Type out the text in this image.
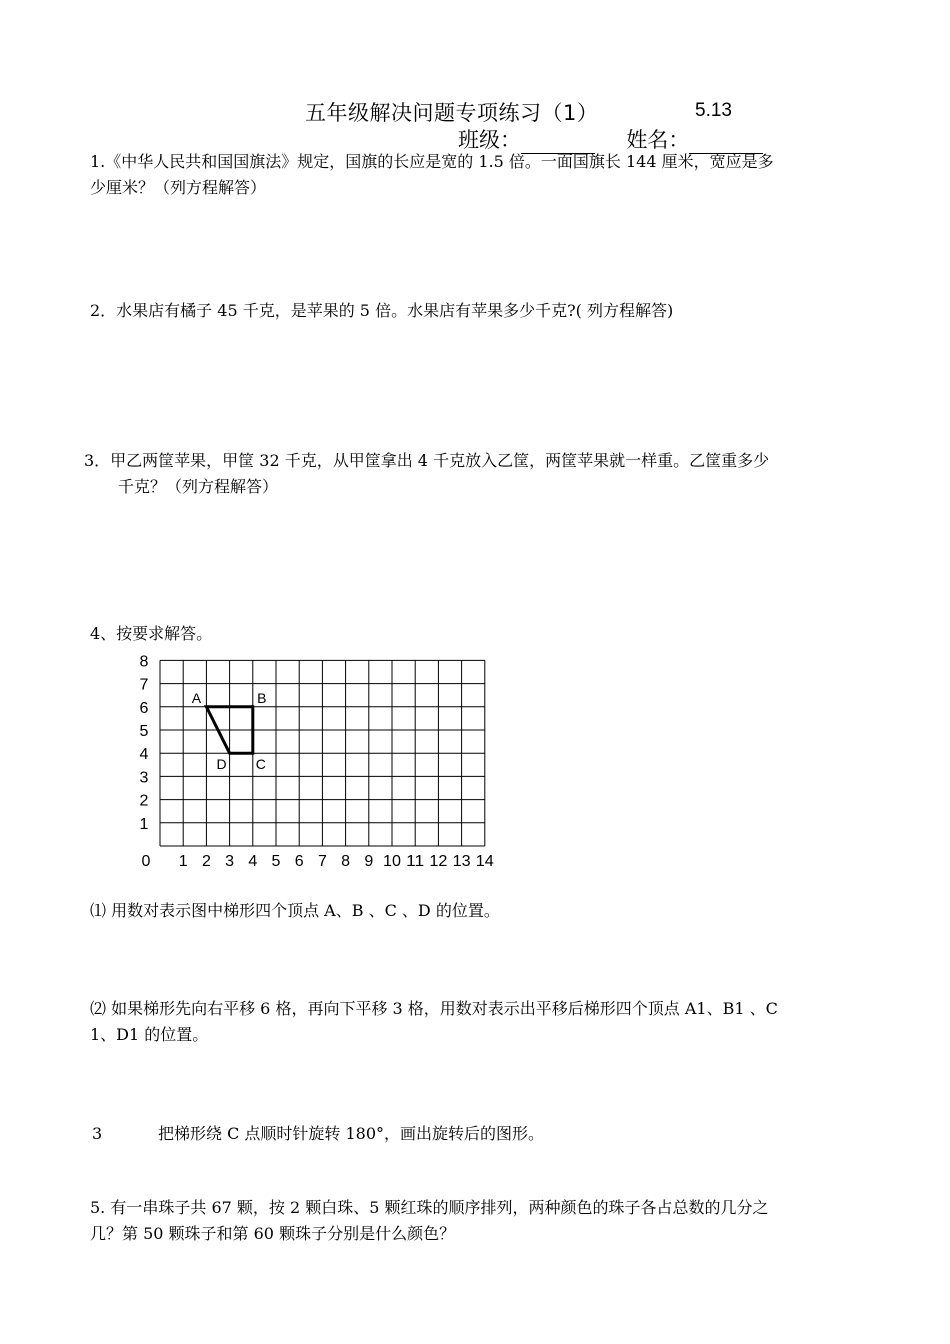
五年级解决问题专项练习（1）	5.13
班级：	姓名：
1.《中华人民共和国国旗法》规定，国旗的长应是宽的 1.5 倍。一面国旗长 144 厘米，宽应是多
少厘米？（列方程解答）
2．水果店有橘子 45 千克，是苹果的 5 倍。水果店有苹果多少千克?( 列方程解答)
3．甲乙两筐苹果，甲筐 32 千克，从甲筐拿出 4 千克放入乙筐，两筐苹果就一样重。乙筐重多少
千克？（列方程解答）
4、按要求解答。
0 1 2 3 4 5 6 7 8 9 10 11 12 13 14
1
2
3
4
5
6
7
8
A	B
C
D
⑴ 用数对表示图中梯形四个顶点 A、B 、C 、D 的位置。
⑵ 如果梯形先向右平移 6 格，再向下平移 3 格，用数对表示出平移后梯形四个顶点 A1、B1 、C
1、D1 的位置。
3	把梯形绕 C 点顺时针旋转 180°，画出旋转后的图形。
5. 有一串珠子共 67 颗，按 2 颗白珠、5 颗红珠的顺序排列，两种颜色的珠子各占总数的几分之
几？第 50 颗珠子和第 60 颗珠子分别是什么颜色？
